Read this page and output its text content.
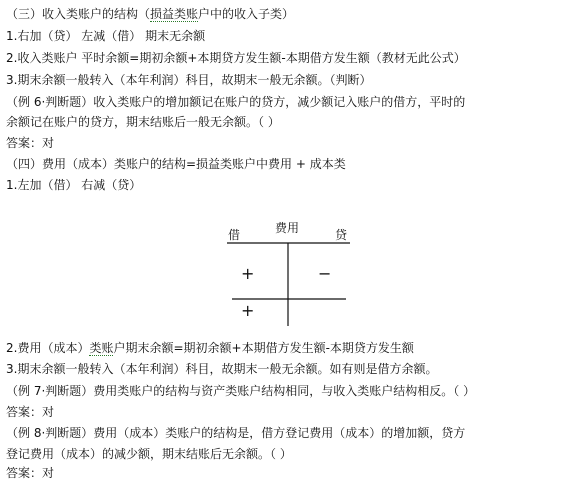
（三）收入类账户的结构（损益类账户中的收入子类）
1.右加（贷） 左减（借） 期末无余额
2.收入类账户 平时余额=期初余额+本期贷方发生额-本期借方发生额（教材无此公式）
3.期末余额一般转入（本年利润）科目，故期末一般无余额。（判断）
（例 6·判断题）收入类账户的增加额记在账户的贷方，减少额记入账户的借方，平时的
余额记在账户的贷方，期末结账后一般无余额。（ ）
答案：对
（四）费用（成本）类账户的结构=损益类账户中费用 + 成本类
1.左加（借） 右减（贷）
借	费用	贷
+	−
+
2.费用（成本）类账户期末余额=期初余额+本期借方发生额-本期贷方发生额
3.期末余额一般转入（本年利润）科目，故期末一般无余额。如有则是借方余额。
（例 7·判断题）费用类账户的结构与资产类账户结构相同，与收入类账户结构相反。（ ）
答案：对
（例 8·判断题）费用（成本）类账户的结构是，借方登记费用（成本）的增加额，贷方
登记费用（成本）的减少额，期末结账后无余额。（ ）
答案：对
